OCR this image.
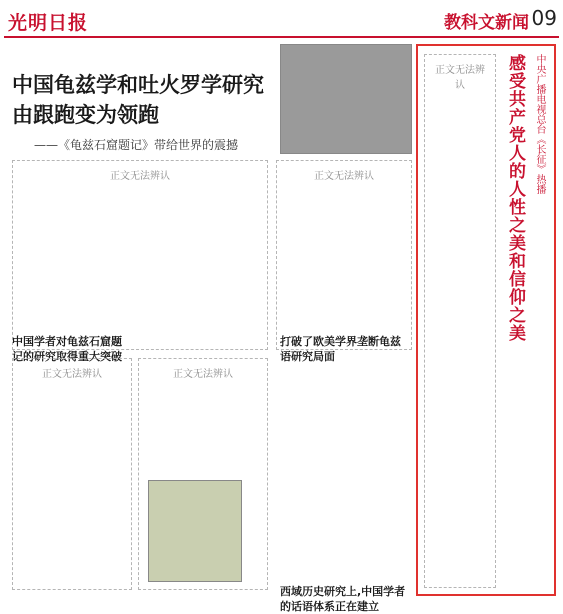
光明日报	教科文新闻 09
中国龟兹学和吐火罗学研究
由跟跑变为领跑
——《龟兹石窟题记》带给世界的震撼
正文无法辨认	正文无法辨认
中国学者对龟兹石窟题记的研究取得重大突破
打破了欧美学界垄断龟兹语研究局面
正文无法辨认	正文无法辨认
西域历史研究上,中国学者的话语体系正在建立
中央广播电视总台《长征》热播
感受共产党人的人性之美和信仰之美
正文无法辨认
